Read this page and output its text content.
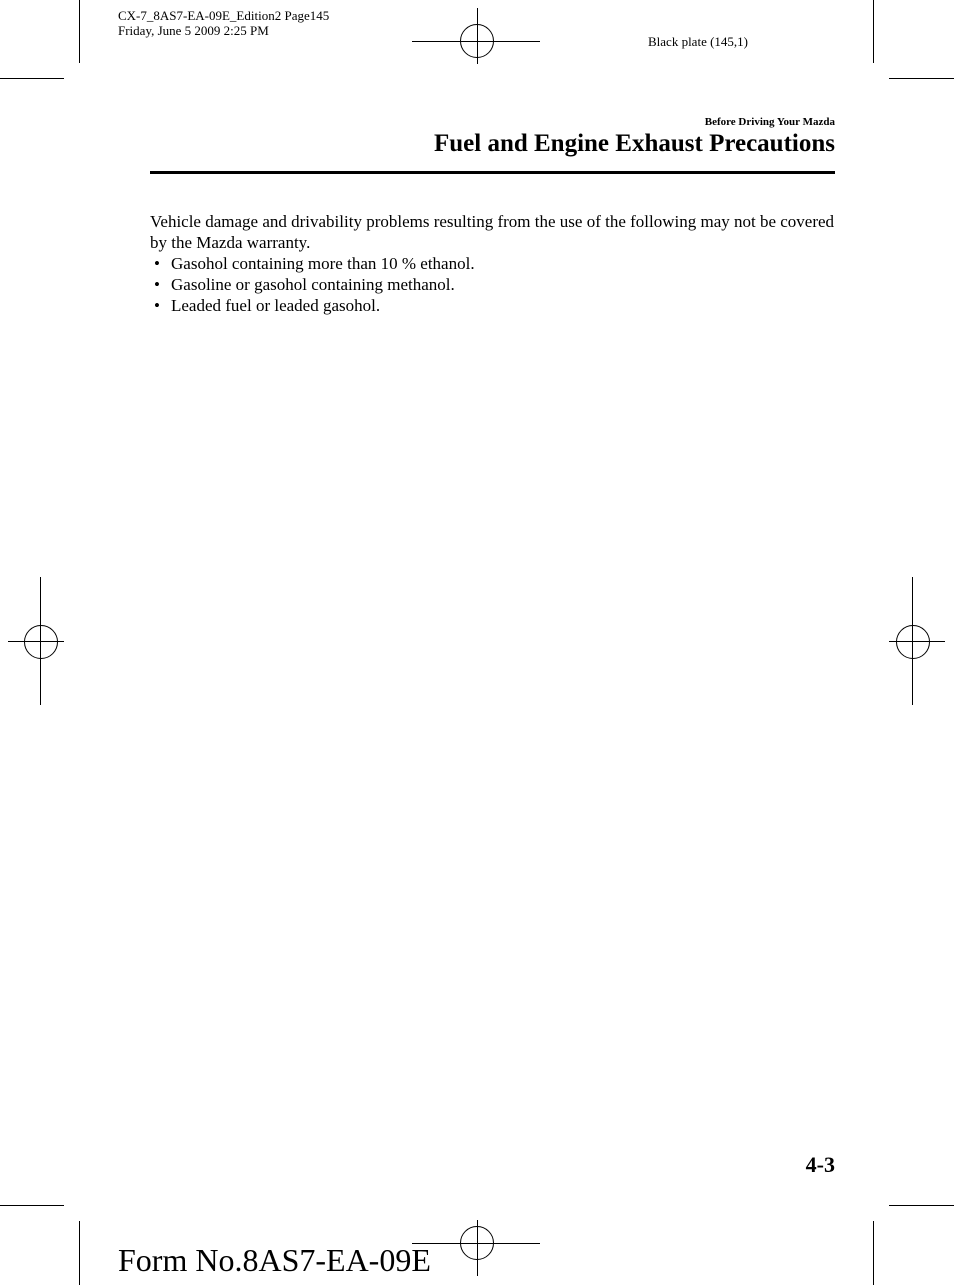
CX-7_8AS7-EA-09E_Edition2 Page145
Friday, June 5 2009 2:25 PM
Black plate (145,1)
Before Driving Your Mazda
Fuel and Engine Exhaust Precautions

Vehicle damage and drivability problems resulting from the use of the following may not be covered by the Mazda warranty.

• Gasohol containing more than 10 % ethanol.
• Gasoline or gasohol containing methanol.
• Leaded fuel or leaded gasohol.
4-3
Form No.8AS7-EA-09E
